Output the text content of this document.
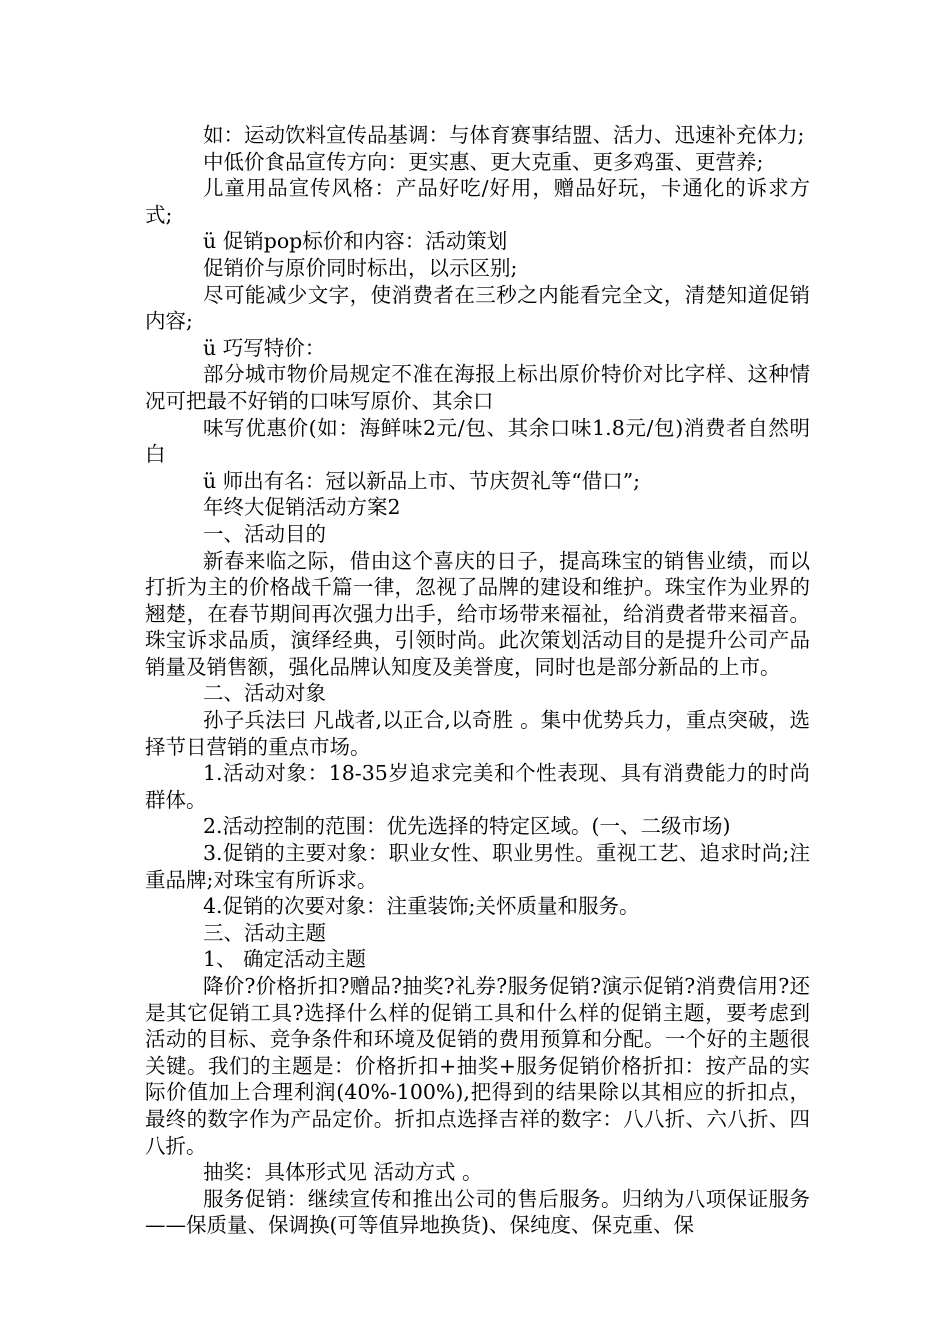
如：运动饮料宣传品基调：与体育赛事结盟、活力、迅速补充体力;

中低价食品宣传方向：更实惠、更大克重、更多鸡蛋、更营养;

儿童用品宣传风格：产品好吃/好用，赠品好玩，卡通化的诉求方式;

ü 促销pop标价和内容：活动策划

促销价与原价同时标出，以示区别;

尽可能减少文字，使消费者在三秒之内能看完全文，清楚知道促销内容;

ü 巧写特价：

部分城市物价局规定不准在海报上标出原价特价对比字样、这种情况可把最不好销的口味写原价、其余口

味写优惠价(如：海鲜味2元/包、其余口味1.8元/包)消费者自然明白

ü 师出有名：冠以新品上市、节庆贺礼等“借口”;

年终大促销活动方案2

一、活动目的

新春来临之际，借由这个喜庆的日子，提高珠宝的销售业绩，而以打折为主的价格战千篇一律，忽视了品牌的建设和维护。珠宝作为业界的翘楚，在春节期间再次强力出手，给市场带来福祉，给消费者带来福音。珠宝诉求品质，演绎经典，引领时尚。此次策划活动目的是提升公司产品销量及销售额，强化品牌认知度及美誉度，同时也是部分新品的上市。

二、活动对象

孙子兵法曰 凡战者,以正合,以奇胜 。集中优势兵力，重点突破，选择节日营销的重点市场。

1.活动对象：18-35岁追求完美和个性表现、具有消费能力的时尚群体。

2.活动控制的范围：优先选择的特定区域。(一、二级市场)

3.促销的主要对象：职业女性、职业男性。重视工艺、追求时尚;注重品牌;对珠宝有所诉求。

4.促销的次要对象：注重装饰;关怀质量和服务。

三、活动主题

1、 确定活动主题

降价?价格折扣?赠品?抽奖?礼券?服务促销?演示促销?消费信用?还是其它促销工具?选择什么样的促销工具和什么样的促销主题，要考虑到活动的目标、竞争条件和环境及促销的费用预算和分配。一个好的主题很关键。我们的主题是：价格折扣+抽奖+服务促销价格折扣：按产品的实际价值加上合理利润(40%-100%),把得到的结果除以其相应的折扣点，最终的数字作为产品定价。折扣点选择吉祥的数字：八八折、六八折、四八折。

抽奖：具体形式见 活动方式 。

服务促销：继续宣传和推出公司的售后服务。归纳为八项保证服务——保质量、保调换(可等值异地换货)、保纯度、保克重、保
